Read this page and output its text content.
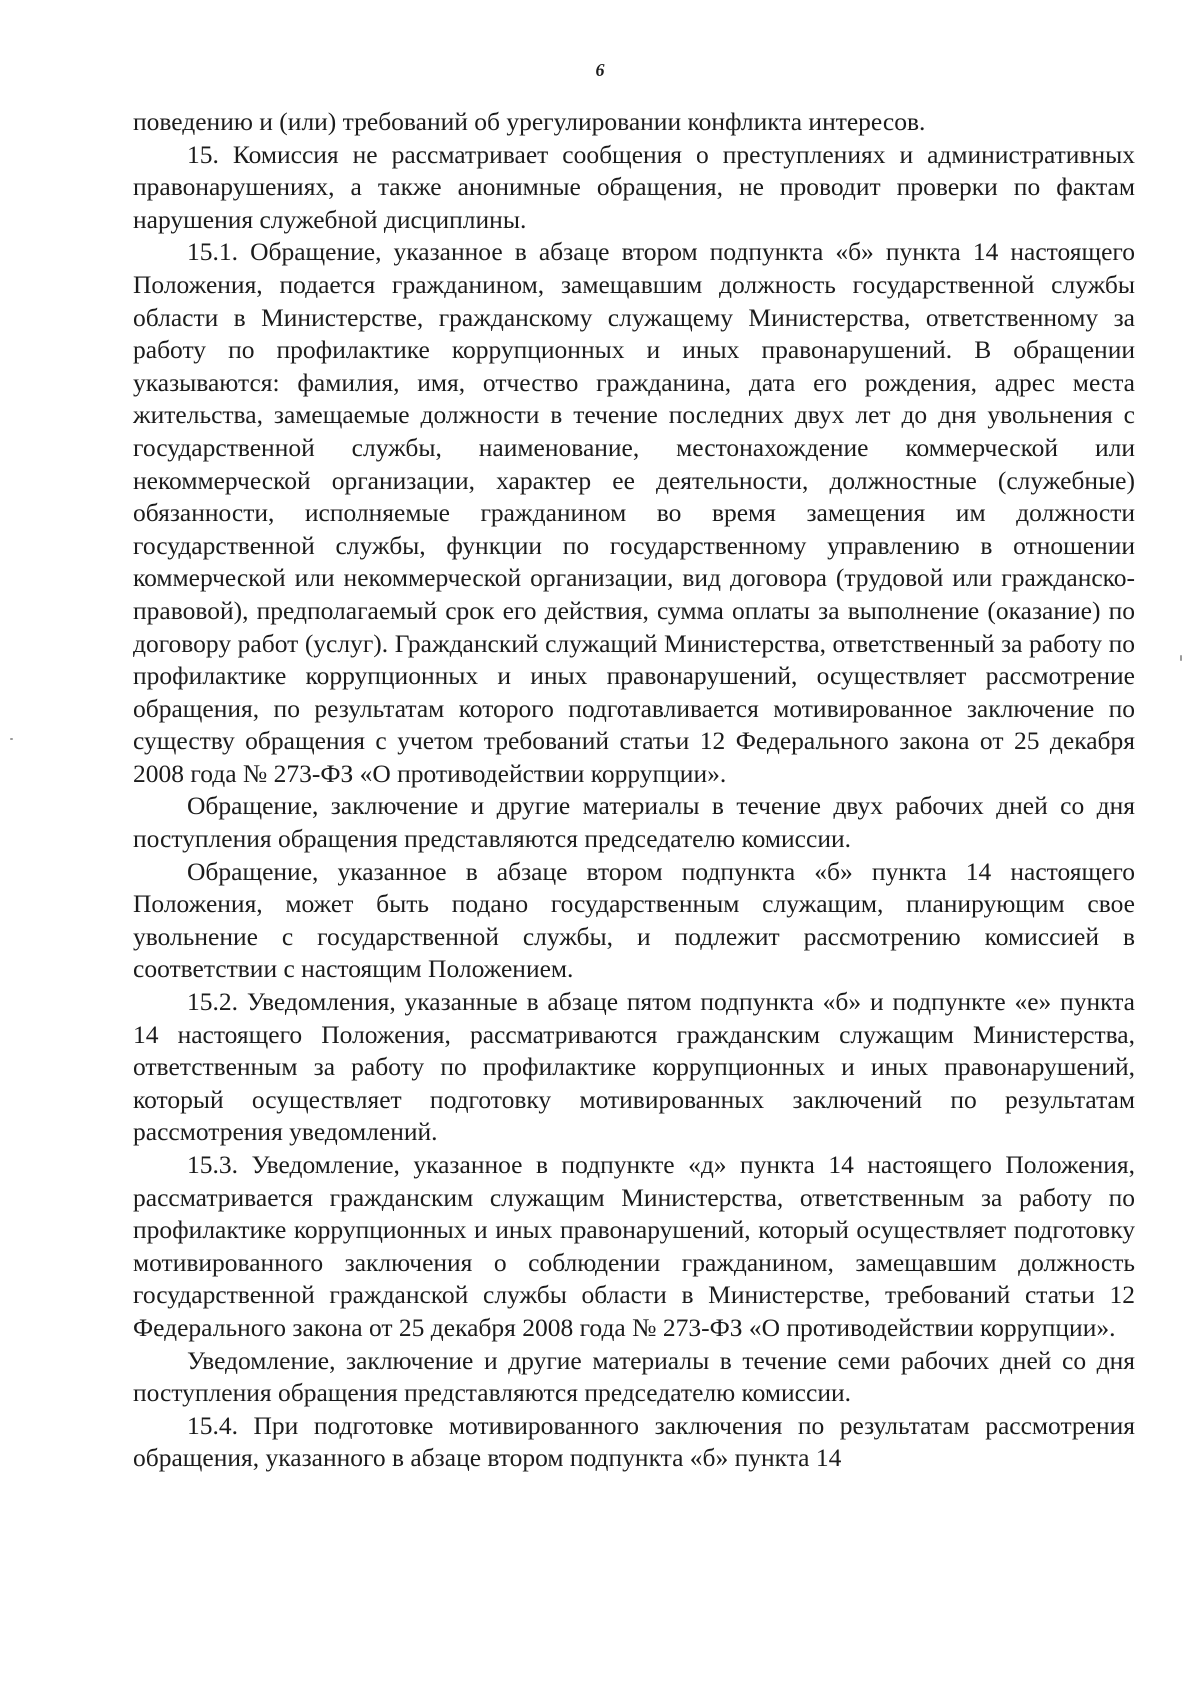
6

поведению и (или) требований об урегулировании конфликта интересов.

15. Комиссия не рассматривает сообщения о преступлениях и административных правонарушениях, а также анонимные обращения, не проводит проверки по фактам нарушения служебной дисциплины.

15.1. Обращение, указанное в абзаце втором подпункта «б» пункта 14 настоящего Положения, подается гражданином, замещавшим должность государственной службы области в Министерстве, гражданскому служащему Министерства, ответственному за работу по профилактике коррупционных и иных правонарушений. В обращении указываются: фамилия, имя, отчество гражданина, дата его рождения, адрес места жительства, замещаемые должности в течение последних двух лет до дня увольнения с государственной службы, наименование, местонахождение коммерческой или некоммерческой организации, характер ее деятельности, должностные (служебные) обязанности, исполняемые гражданином во время замещения им должности государственной службы, функции по государственному управлению в отношении коммерческой или некоммерческой организации, вид договора (трудовой или гражданско-правовой), предполагаемый срок его действия, сумма оплаты за выполнение (оказание) по договору работ (услуг). Гражданский служащий Министерства, ответственный за работу по профилактике коррупционных и иных правонарушений, осуществляет рассмотрение обращения, по результатам которого подготавливается мотивированное заключение по существу обращения с учетом требований статьи 12 Федерального закона от 25 декабря 2008 года № 273-ФЗ «О противодействии коррупции».

Обращение, заключение и другие материалы в течение двух рабочих дней со дня поступления обращения представляются председателю комиссии.

Обращение, указанное в абзаце втором подпункта «б» пункта 14 настоящего Положения, может быть подано государственным служащим, планирующим свое увольнение с государственной службы, и подлежит рассмотрению комиссией в соответствии с настоящим Положением.

15.2. Уведомления, указанные в абзаце пятом подпункта «б» и подпункте «е» пункта 14 настоящего Положения, рассматриваются гражданским служащим Министерства, ответственным за работу по профилактике коррупционных и иных правонарушений, который осуществляет подготовку мотивированных заключений по результатам рассмотрения уведомлений.

15.3. Уведомление, указанное в подпункте «д» пункта 14 настоящего Положения, рассматривается гражданским служащим Министерства, ответственным за работу по профилактике коррупционных и иных правонарушений, который осуществляет подготовку мотивированного заключения о соблюдении гражданином, замещавшим должность государственной гражданской службы области в Министерстве, требований статьи 12 Федерального закона от 25 декабря 2008 года № 273-ФЗ «О противодействии коррупции».

Уведомление, заключение и другие материалы в течение семи рабочих дней со дня поступления обращения представляются председателю комиссии.

15.4. При подготовке мотивированного заключения по результатам рассмотрения обращения, указанного в абзаце втором подпункта «б» пункта 14
